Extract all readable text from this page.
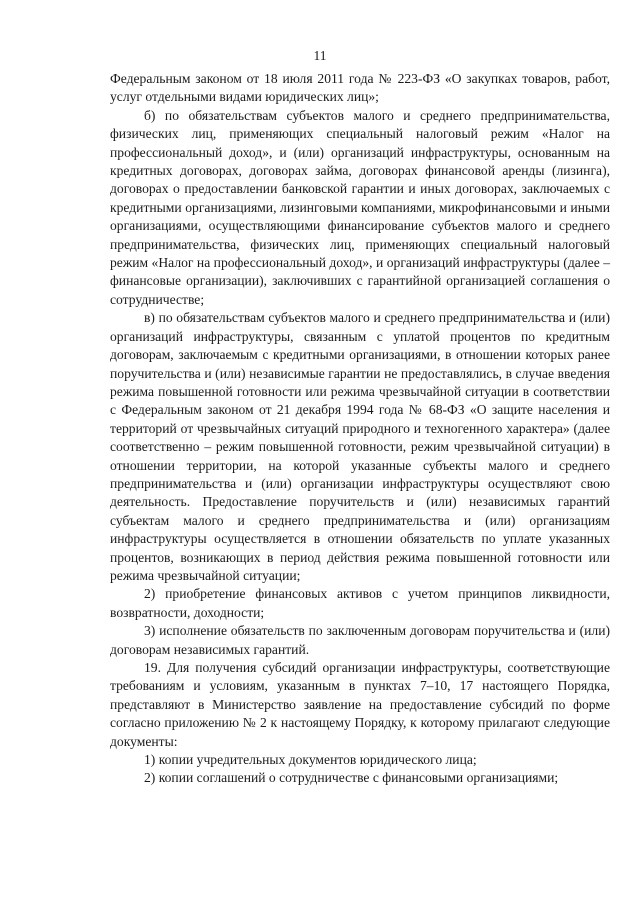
11

Федеральным законом от 18 июля 2011 года № 223-ФЗ «О закупках товаров, работ, услуг отдельными видами юридических лиц»;

б) по обязательствам субъектов малого и среднего предпринимательства, физических лиц, применяющих специальный налоговый режим «Налог на профессиональный доход», и (или) организаций инфраструктуры, основанным на кредитных договорах, договорах займа, договорах финансовой аренды (лизинга), договорах о предоставлении банковской гарантии и иных договорах, заключаемых с кредитными организациями, лизинговыми компаниями, микрофинансовыми и иными организациями, осуществляющими финансирование субъектов малого и среднего предпринимательства, физических лиц, применяющих специальный налоговый режим «Налог на профессиональный доход», и организаций инфраструктуры (далее – финансовые организации), заключивших с гарантийной организацией соглашения о сотрудничестве;

в) по обязательствам субъектов малого и среднего предпринимательства и (или) организаций инфраструктуры, связанным с уплатой процентов по кредитным договорам, заключаемым с кредитными организациями, в отношении которых ранее поручительства и (или) независимые гарантии не предоставлялись, в случае введения режима повышенной готовности или режима чрезвычайной ситуации в соответствии с Федеральным законом от 21 декабря 1994 года № 68-ФЗ «О защите населения и территорий от чрезвычайных ситуаций природного и техногенного характера» (далее соответственно – режим повышенной готовности, режим чрезвычайной ситуации) в отношении территории, на которой указанные субъекты малого и среднего предпринимательства и (или) организации инфраструктуры осуществляют свою деятельность. Предоставление поручительств и (или) независимых гарантий субъектам малого и среднего предпринимательства и (или) организациям инфраструктуры осуществляется в отношении обязательств по уплате указанных процентов, возникающих в период действия режима повышенной готовности или режима чрезвычайной ситуации;

2) приобретение финансовых активов с учетом принципов ликвидности, возвратности, доходности;

3) исполнение обязательств по заключенным договорам поручительства и (или) договорам независимых гарантий.

19. Для получения субсидий организации инфраструктуры, соответствующие требованиям и условиям, указанным в пунктах 7–10, 17 настоящего Порядка, представляют в Министерство заявление на предоставление субсидий по форме согласно приложению № 2 к настоящему Порядку, к которому прилагают следующие документы:

1) копии учредительных документов юридического лица;

2) копии соглашений о сотрудничестве с финансовыми организациями;
